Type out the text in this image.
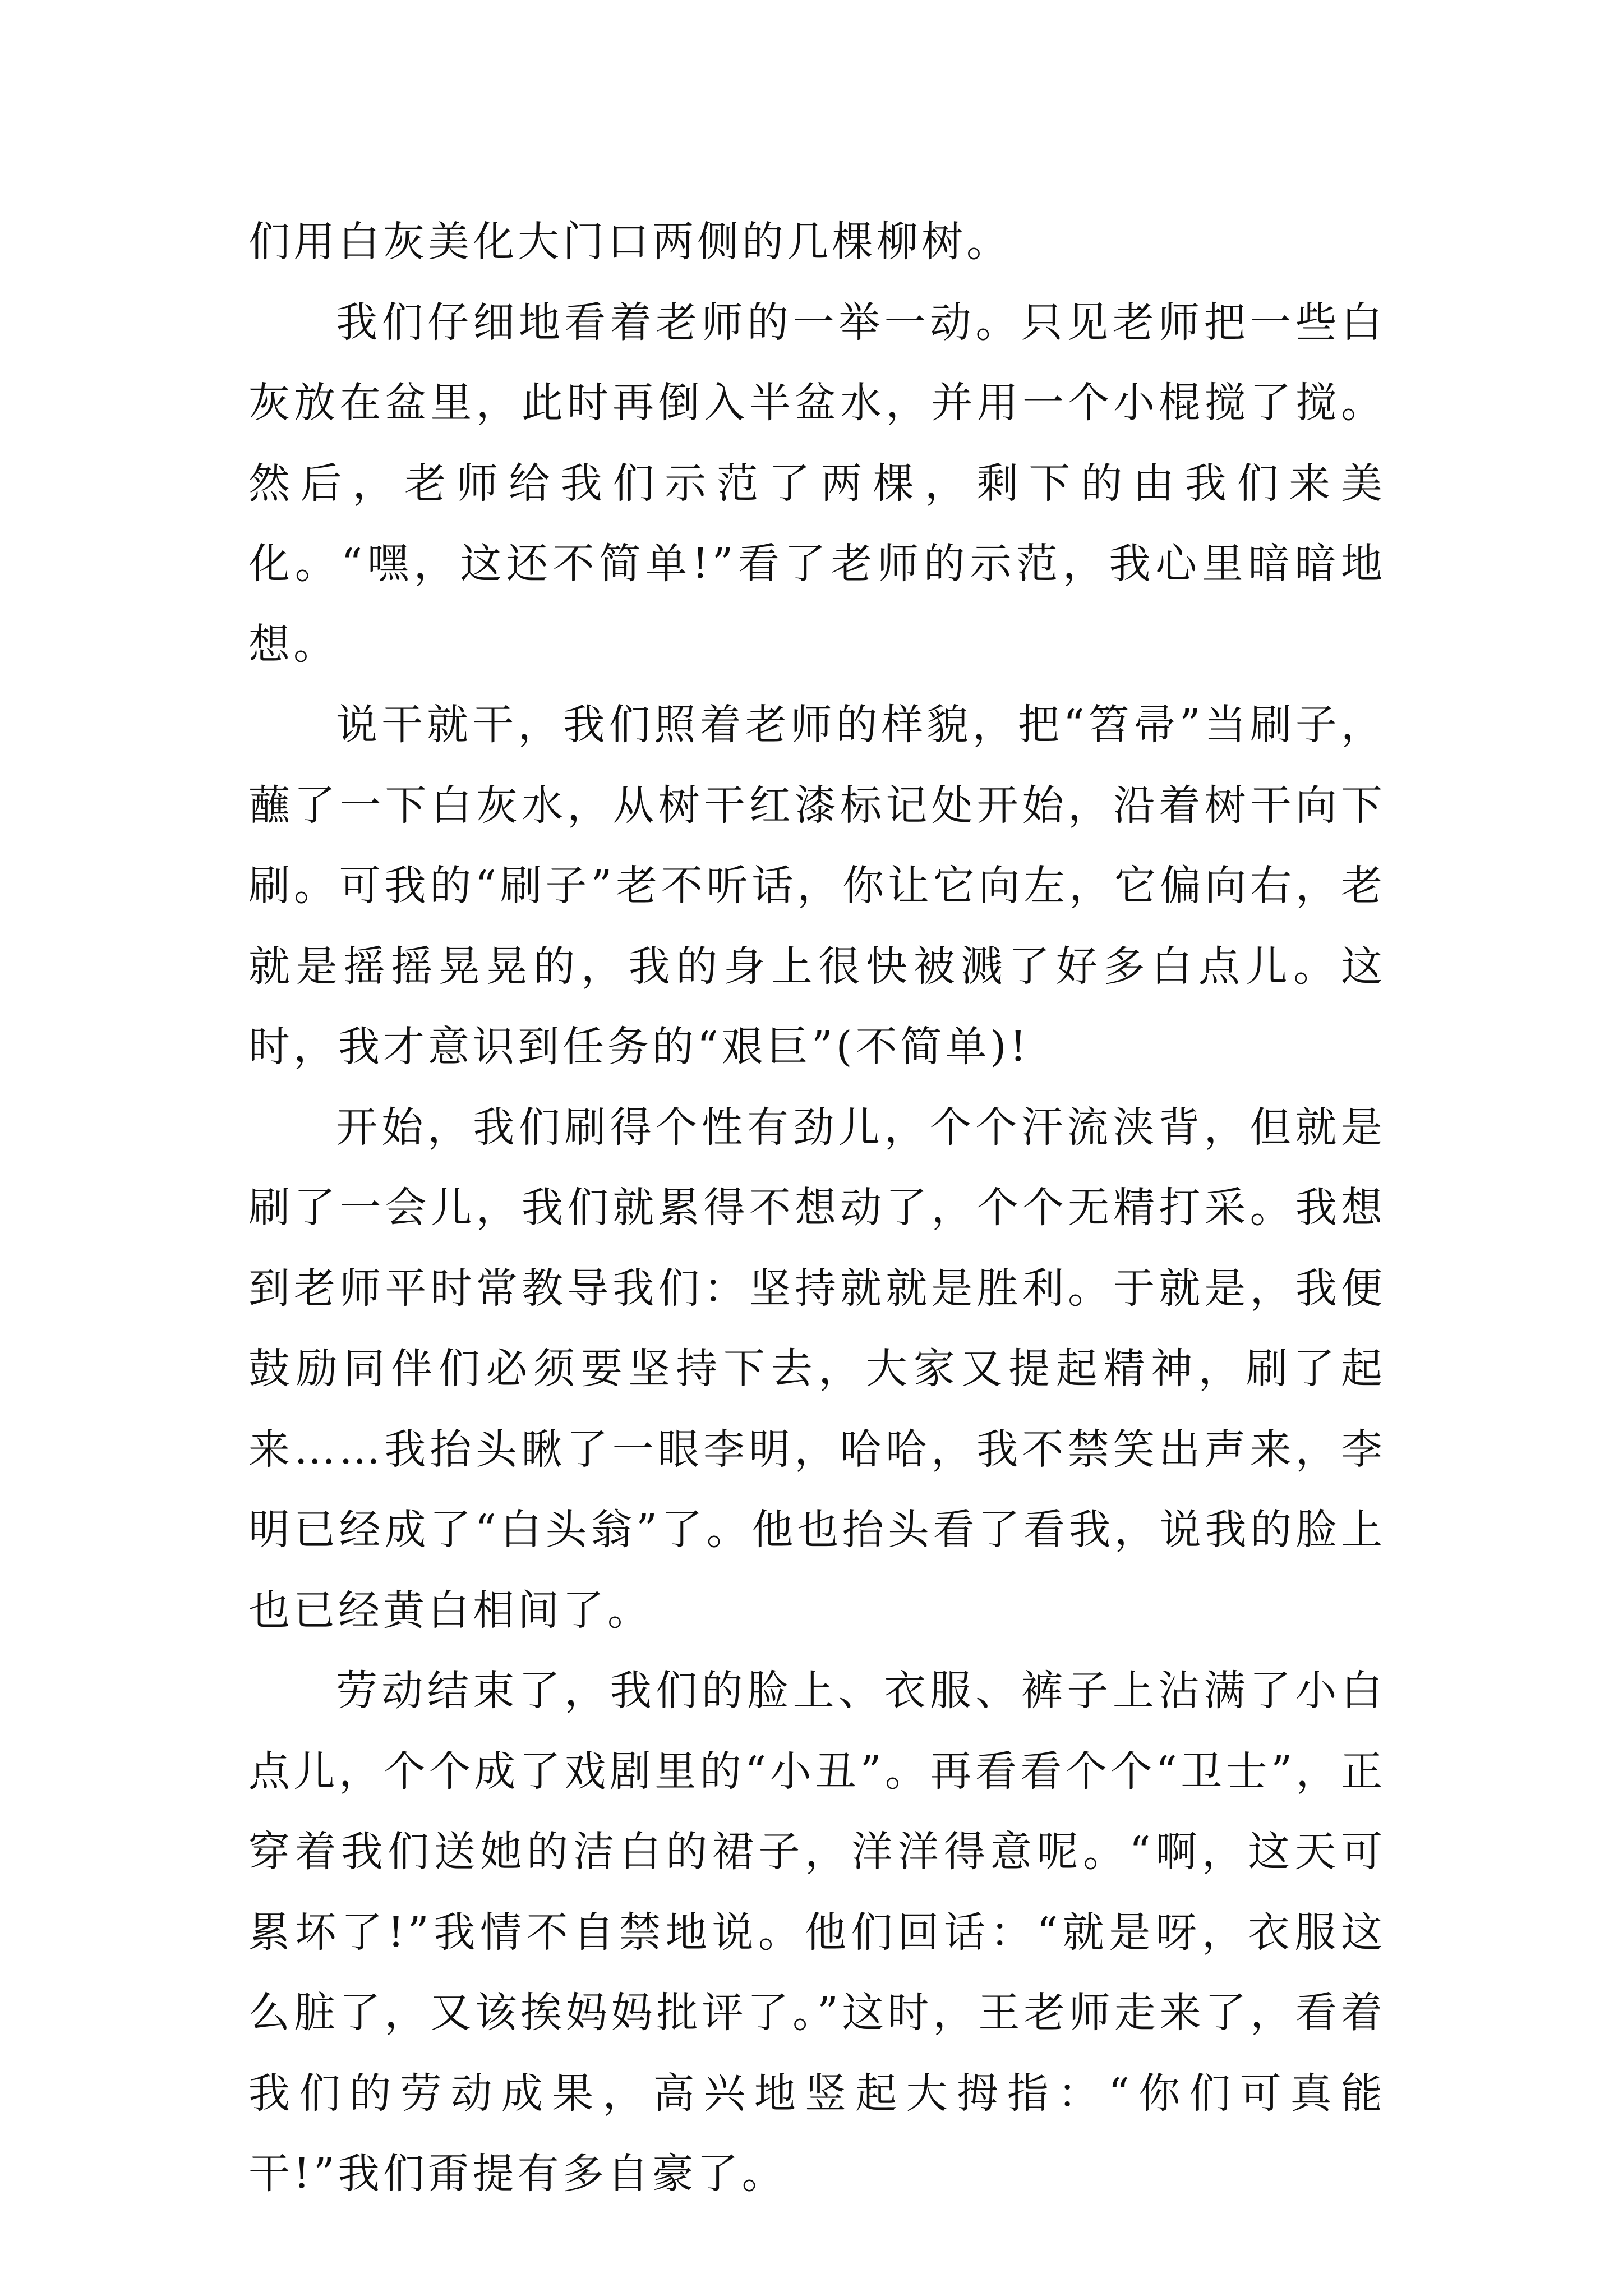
们用白灰美化大门口两侧的几棵柳树。

我们仔细地看着老师的一举一动。只见老师把一些白灰放在盆里，此时再倒入半盆水，并用一个小棍搅了搅。然后，老师给我们示范了两棵，剩下的由我们来美化。“嘿，这还不简单!”看了老师的示范，我心里暗暗地想。

说干就干，我们照着老师的样貌，把“笤帚”当刷子，蘸了一下白灰水，从树干红漆标记处开始，沿着树干向下刷。可我的“刷子”老不听话，你让它向左，它偏向右，老就是摇摇晃晃的，我的身上很快被溅了好多白点儿。这时，我才意识到任务的“艰巨”(不简单)!

开始，我们刷得个性有劲儿，个个汗流浃背，但就是刷了一会儿，我们就累得不想动了，个个无精打采。我想到老师平时常教导我们：坚持就就是胜利。于就是，我便鼓励同伴们必须要坚持下去，大家又提起精神，刷了起来……我抬头瞅了一眼李明，哈哈，我不禁笑出声来，李明已经成了“白头翁”了。他也抬头看了看我，说我的脸上也已经黄白相间了。

劳动结束了，我们的脸上、衣服、裤子上沾满了小白点儿，个个成了戏剧里的“小丑”。再看看个个“卫士”，正穿着我们送她的洁白的裙子，洋洋得意呢。“啊，这天可累坏了!”我情不自禁地说。他们回话：“就是呀，衣服这么脏了，又该挨妈妈批评了。”这时，王老师走来了，看着我们的劳动成果，高兴地竖起大拇指：“你们可真能干!”我们甭提有多自豪了。
